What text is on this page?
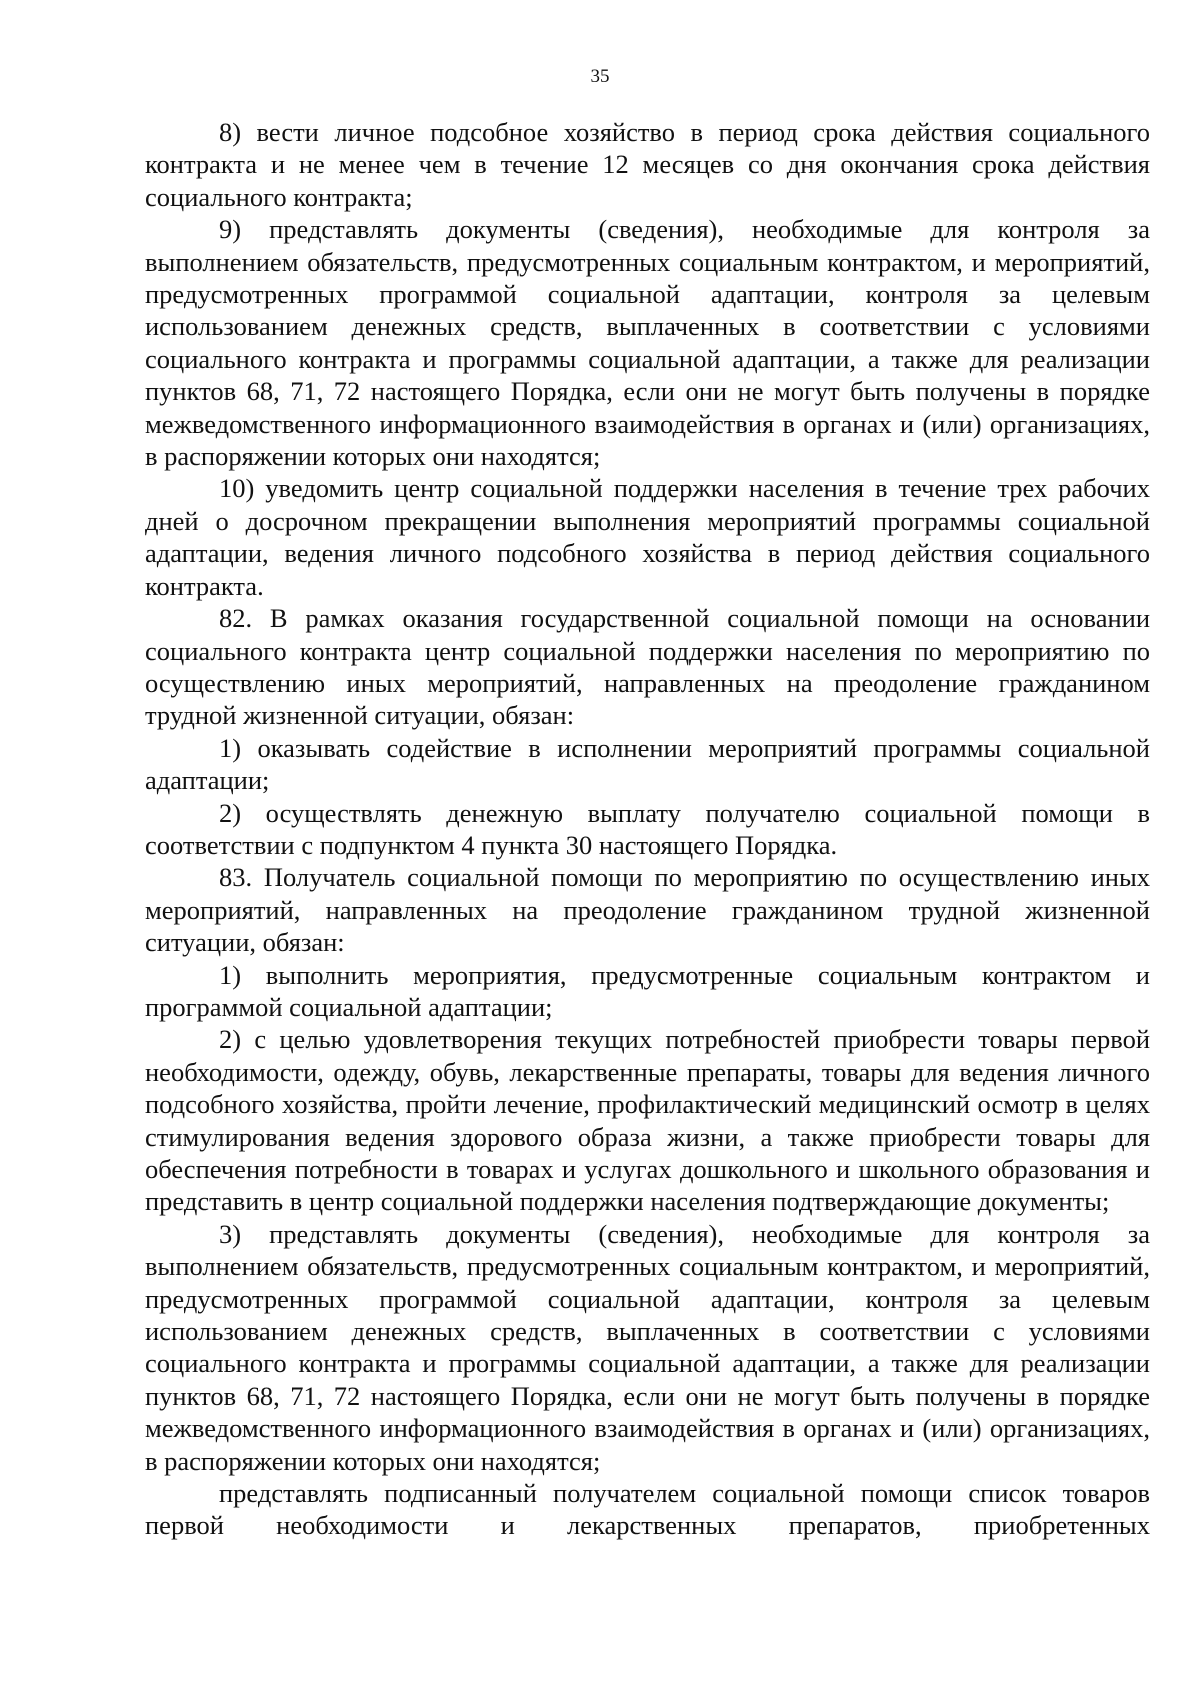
35

8) вести личное подсобное хозяйство в период срока действия социального контракта и не менее чем в течение 12 месяцев со дня окончания срока действия социального контракта;

9) представлять документы (сведения), необходимые для контроля за выполнением обязательств, предусмотренных социальным контрактом, и мероприятий, предусмотренных программой социальной адаптации, контроля за целевым использованием денежных средств, выплаченных в соответствии с условиями социального контракта и программы социальной адаптации, а также для реализации пунктов 68, 71, 72 настоящего Порядка, если они не могут быть получены в порядке межведомственного информационного взаимодействия в органах и (или) организациях, в распоряжении которых они находятся;

10) уведомить центр социальной поддержки населения в течение трех рабочих дней о досрочном прекращении выполнения мероприятий программы социальной адаптации, ведения личного подсобного хозяйства в период действия социального контракта.

82. В рамках оказания государственной социальной помощи на основании социального контракта центр социальной поддержки населения по мероприятию по осуществлению иных мероприятий, направленных на преодоление гражданином трудной жизненной ситуации, обязан:

1) оказывать содействие в исполнении мероприятий программы социальной адаптации;

2) осуществлять денежную выплату получателю социальной помощи в соответствии с подпунктом 4 пункта 30 настоящего Порядка.

83. Получатель социальной помощи по мероприятию по осуществлению иных мероприятий, направленных на преодоление гражданином трудной жизненной ситуации, обязан:

1) выполнить мероприятия, предусмотренные социальным контрактом и программой социальной адаптации;

2) с целью удовлетворения текущих потребностей приобрести товары первой необходимости, одежду, обувь, лекарственные препараты, товары для ведения личного подсобного хозяйства, пройти лечение, профилактический медицинский осмотр в целях стимулирования ведения здорового образа жизни, а также приобрести товары для обеспечения потребности в товарах и услугах дошкольного и школьного образования и представить в центр социальной поддержки населения подтверждающие документы;

3) представлять документы (сведения), необходимые для контроля за выполнением обязательств, предусмотренных социальным контрактом, и мероприятий, предусмотренных программой социальной адаптации, контроля за целевым использованием денежных средств, выплаченных в соответствии с условиями социального контракта и программы социальной адаптации, а также для реализации пунктов 68, 71, 72 настоящего Порядка, если они не могут быть получены в порядке межведомственного информационного взаимодействия в органах и (или) организациях, в распоряжении которых они находятся;

представлять подписанный получателем социальной помощи список товаров первой необходимости и лекарственных препаратов, приобретенных
